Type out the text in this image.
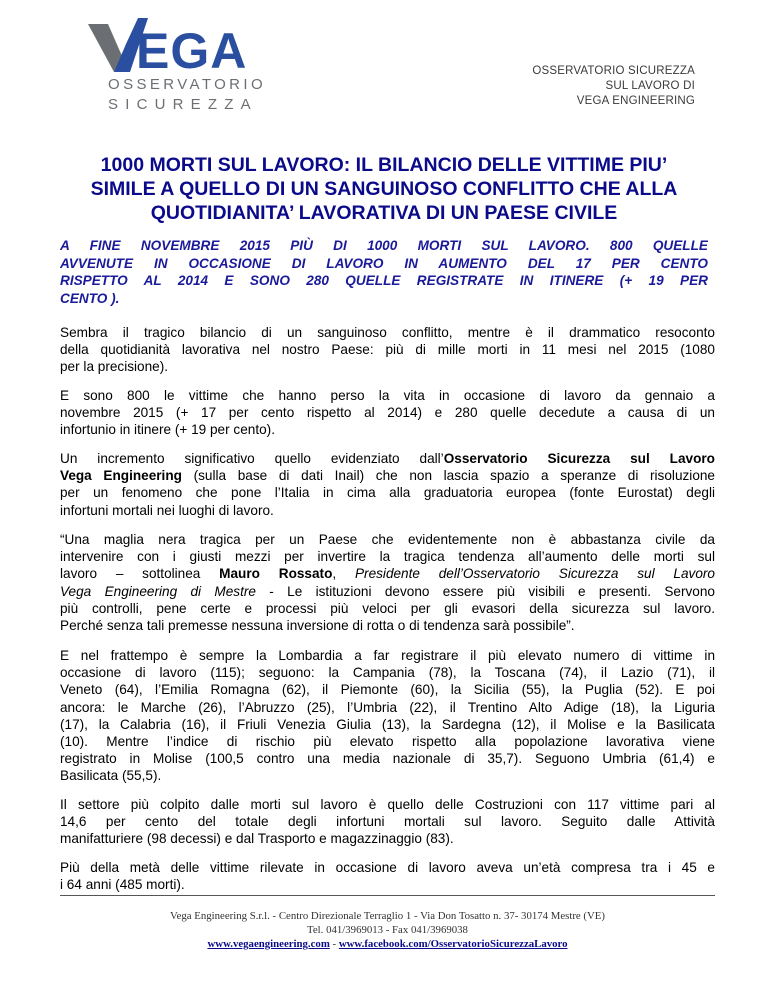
EGA
OSSERVATORIO
SICUREZZA
OSSERVATORIO SICUREZZA
SUL LAVORO DI
VEGA ENGINEERING
1000 MORTI SUL LAVORO: IL BILANCIO DELLE VITTIME PIU’
SIMILE A QUELLO DI UN SANGUINOSO CONFLITTO CHE ALLA
QUOTIDIANITA’ LAVORATIVA DI UN PAESE CIVILE
A FINE NOVEMBRE 2015 PIÙ DI 1000 MORTI SUL LAVORO. 800 QUELLE
AVVENUTE IN OCCASIONE DI LAVORO IN AUMENTO DEL 17 PER CENTO
RISPETTO AL 2014 E SONO 280 QUELLE REGISTRATE IN ITINERE (+ 19 PER
CENTO ).
Sembra il tragico bilancio di un sanguinoso conflitto, mentre è il drammatico resoconto
della quotidianità lavorativa nel nostro Paese: più di mille morti in 11 mesi nel 2015 (1080
per la precisione).
E sono 800 le vittime che hanno perso la vita in occasione di lavoro da gennaio a
novembre 2015 (+ 17 per cento rispetto al 2014) e 280 quelle decedute a causa di un
infortunio in itinere (+ 19 per cento).
Un incremento significativo quello evidenziato dall’Osservatorio Sicurezza sul Lavoro
Vega Engineering (sulla base di dati Inail) che non lascia spazio a speranze di risoluzione
per un fenomeno che pone l’Italia in cima alla graduatoria europea (fonte Eurostat) degli
infortuni mortali nei luoghi di lavoro.
“Una maglia nera tragica per un Paese che evidentemente non è abbastanza civile da
intervenire con i giusti mezzi per invertire la tragica tendenza all’aumento delle morti sul
lavoro – sottolinea Mauro Rossato, Presidente dell’Osservatorio Sicurezza sul Lavoro
Vega Engineering di Mestre - Le istituzioni devono essere più visibili e presenti. Servono
più controlli, pene certe e processi più veloci per gli evasori della sicurezza sul lavoro.
Perché senza tali premesse nessuna inversione di rotta o di tendenza sarà possibile”.
E nel frattempo è sempre la Lombardia a far registrare il più elevato numero di vittime in
occasione di lavoro (115); seguono: la Campania (78), la Toscana (74), il Lazio (71), il
Veneto (64), l’Emilia Romagna (62), il Piemonte (60), la Sicilia (55), la Puglia (52). E poi
ancora: le Marche (26), l’Abruzzo (25), l’Umbria (22), il Trentino Alto Adige (18), la Liguria
(17), la Calabria (16), il Friuli Venezia Giulia (13), la Sardegna (12), il Molise e la Basilicata
(10). Mentre l’indice di rischio più elevato rispetto alla popolazione lavorativa viene
registrato in Molise (100,5 contro una media nazionale di 35,7). Seguono Umbria (61,4) e
Basilicata (55,5).
Il settore più colpito dalle morti sul lavoro è quello delle Costruzioni con 117 vittime pari al
14,6 per cento del totale degli infortuni mortali sul lavoro. Seguito dalle Attività
manifatturiere (98 decessi) e dal Trasporto e magazzinaggio (83).
Più della metà delle vittime rilevate in occasione di lavoro aveva un’età compresa tra i 45 e
i 64 anni (485 morti).
Vega Engineering S.r.l. - Centro Direzionale Terraglio 1 - Via Don Tosatto n. 37- 30174 Mestre (VE)
Tel. 041/3969013 - Fax 041/3969038
www.vegaengineering.com - www.facebook.com/OsservatorioSicurezzaLavoro
